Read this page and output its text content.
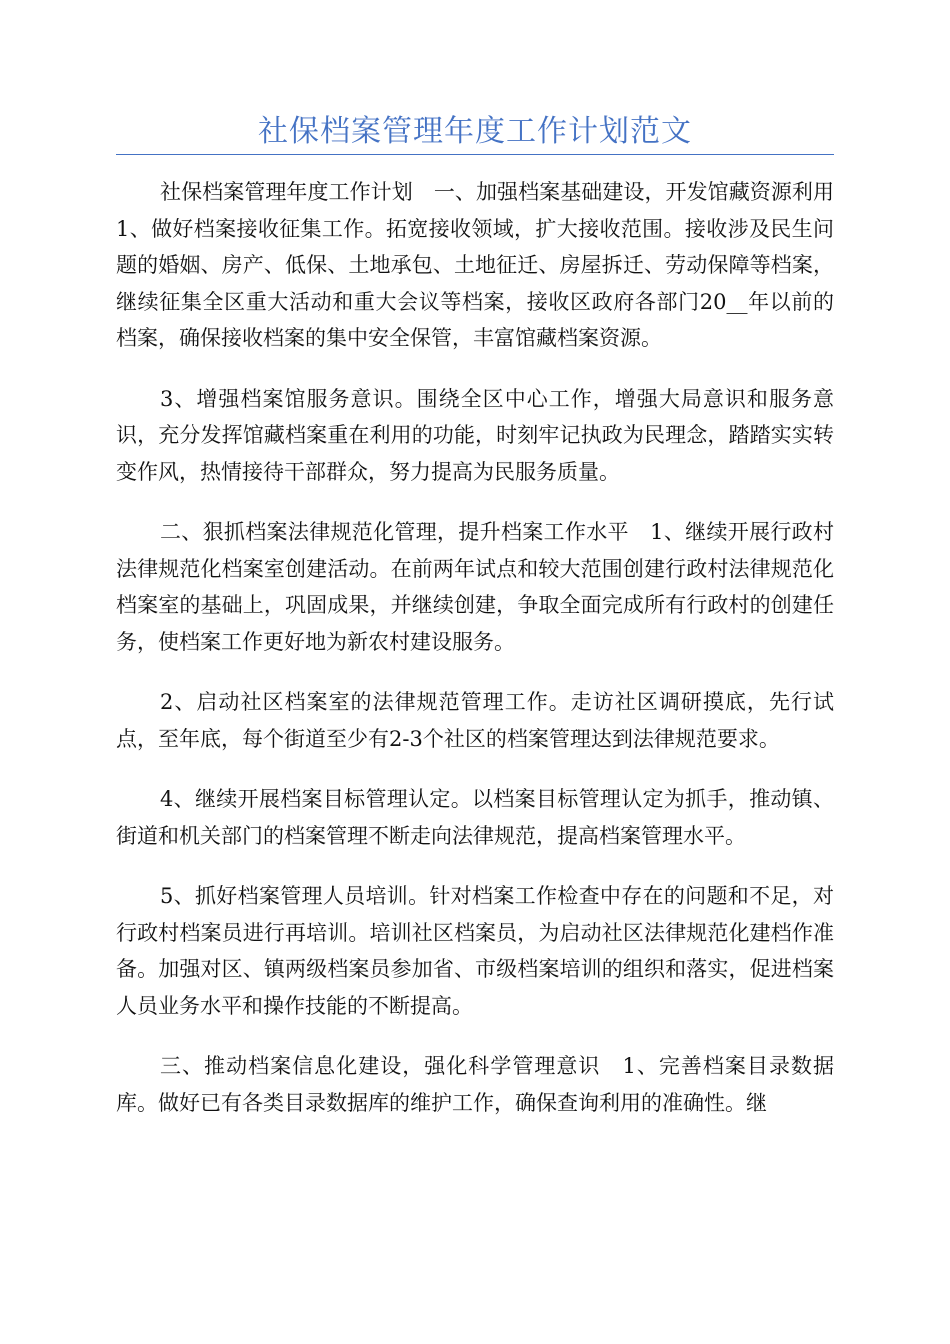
社保档案管理年度工作计划范文

社保档案管理年度工作计划　一、加强档案基础建设，开发馆藏资源利用　1、做好档案接收征集工作。拓宽接收领域，扩大接收范围。接收涉及民生问题的婚姻、房产、低保、土地承包、土地征迁、房屋拆迁、劳动保障等档案，继续征集全区重大活动和重大会议等档案，接收区政府各部门20__年以前的档案，确保接收档案的集中安全保管，丰富馆藏档案资源。

3、增强档案馆服务意识。围绕全区中心工作，增强大局意识和服务意识，充分发挥馆藏档案重在利用的功能，时刻牢记执政为民理念，踏踏实实转变作风，热情接待干部群众，努力提高为民服务质量。

二、狠抓档案法律规范化管理，提升档案工作水平　1、继续开展行政村法律规范化档案室创建活动。在前两年试点和较大范围创建行政村法律规范化档案室的基础上，巩固成果，并继续创建，争取全面完成所有行政村的创建任务，使档案工作更好地为新农村建设服务。

2、启动社区档案室的法律规范管理工作。走访社区调研摸底，先行试点，至年底，每个街道至少有2-3个社区的档案管理达到法律规范要求。

4、继续开展档案目标管理认定。以档案目标管理认定为抓手，推动镇、街道和机关部门的档案管理不断走向法律规范，提高档案管理水平。

5、抓好档案管理人员培训。针对档案工作检查中存在的问题和不足，对行政村档案员进行再培训。培训社区档案员，为启动社区法律规范化建档作准备。加强对区、镇两级档案员参加省、市级档案培训的组织和落实，促进档案人员业务水平和操作技能的不断提高。

三、推动档案信息化建设，强化科学管理意识　1、完善档案目录数据库。做好已有各类目录数据库的维护工作，确保查询利用的准确性。继
